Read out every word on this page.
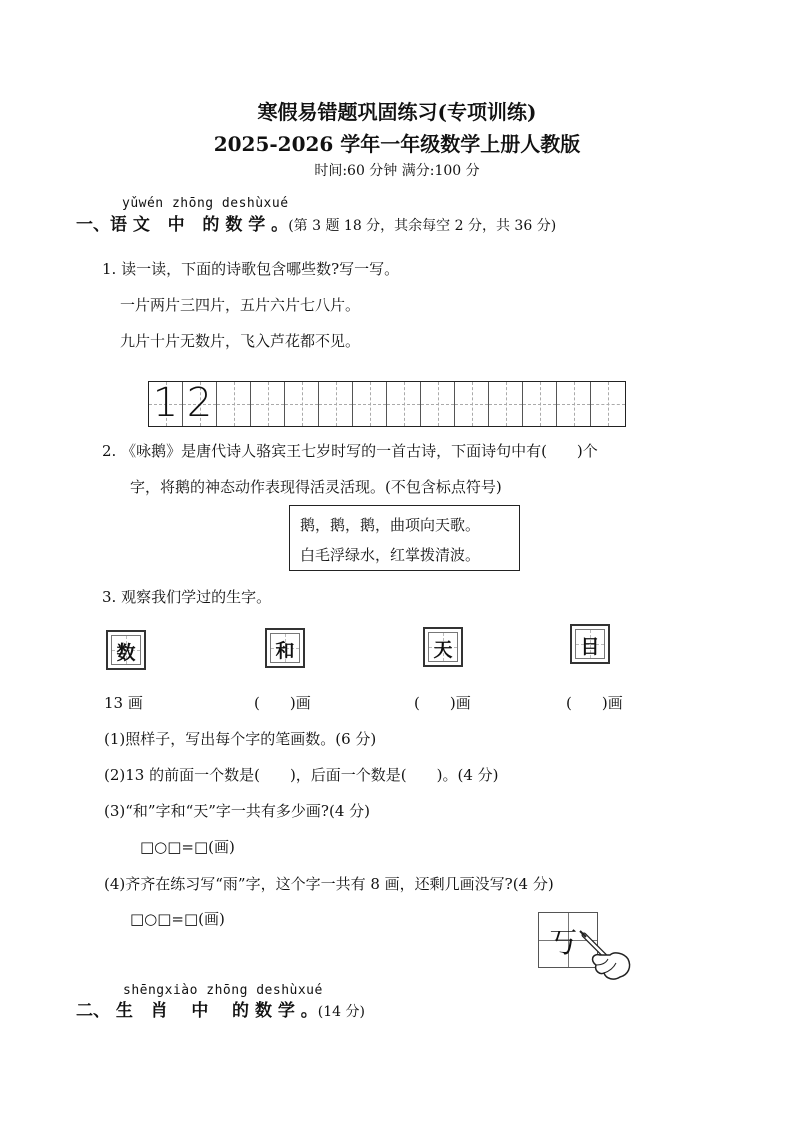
寒假易错题巩固练习(专项训练)
2025-2026 学年一年级数学上册人教版
时间:60 分钟 满分:100 分
yǔwén zhōng deshùxué
一、语 文   中   的 数 学 。(第 3 题 18 分，其余每空 2 分，共 36 分)
1. 读一读，下面的诗歌包含哪些数?写一写。
一片两片三四片，五片六片七八片。
九片十片无数片，飞入芦花都不见。
1 2
2. 《咏鹅》是唐代诗人骆宾王七岁时写的一首古诗，下面诗句中有(　　)个
字，将鹅的神态动作表现得活灵活现。(不包含标点符号)
鹅，鹅，鹅，曲项向天歌。
白毛浮绿水，红掌拨清波。
3. 观察我们学过的生字。
数	和	天	目
13 画	(　　)画	(　　)画	(　　)画
(1)照样子，写出每个字的笔画数。(6 分)
(2)13 的前面一个数是(　　)，后面一个数是(　　)。(4 分)
(3)“和”字和“天”字一共有多少画?(4 分)
□○□=□(画)
(4)齐齐在练习写“雨”字，这个字一共有 8 画，还剩几画没写?(4 分)
□○□=□(画)
丂
shēngxiào zhōng deshùxué
二、 生   肖    中    的 数 学 。(14 分)
